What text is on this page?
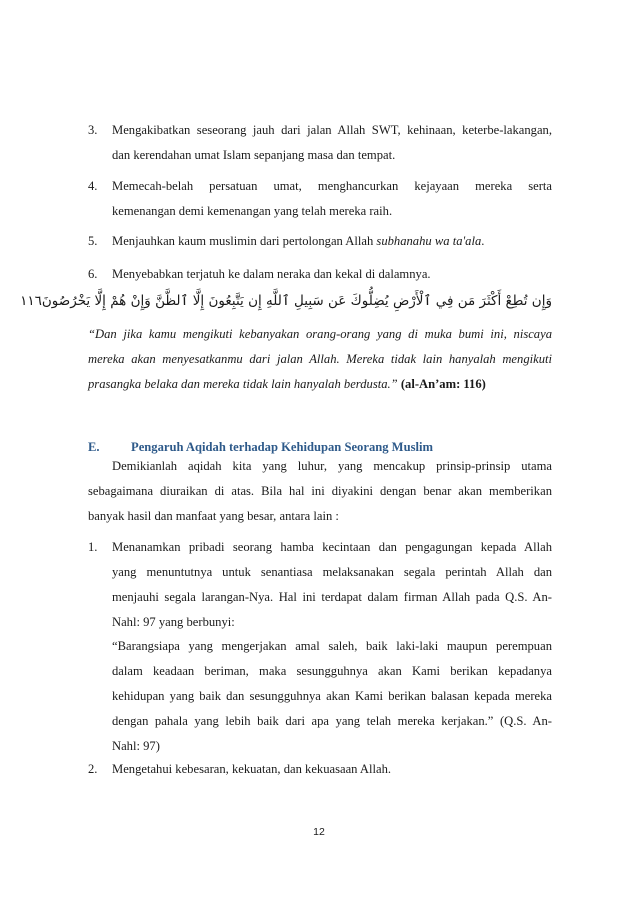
3. Mengakibatkan seseorang jauh dari jalan Allah SWT, kehinaan, keterbe-lakangan,
dan kerendahan umat Islam sepanjang masa dan tempat.
4. Memecah-belah persatuan umat, menghancurkan kejayaan mereka serta
kemenangan demi kemenangan yang telah mereka raih.
5. Menjauhkan kaum muslimin dari pertolongan Allah subhanahu wa ta'ala.
6. Menyebabkan terjatuh ke dalam neraka dan kekal di dalamnya.
وَإِن تُطِعْ أَكْثَرَ مَن فِي ٱلْأَرْضِ يُضِلُّوكَ عَن سَبِيلِ ٱللَّهِ إِن يَتَّبِعُونَ إِلَّا ٱلظَّنَّ وَإِنْ هُمْ إِلَّا يَخْرُصُونَ١١٦
“Dan jika kamu mengikuti kebanyakan orang-orang yang di muka bumi ini, niscaya
mereka akan menyesatkanmu dari jalan Allah. Mereka tidak lain hanyalah mengikuti
prasangka belaka dan mereka tidak lain hanyalah berdusta.” (al-An’am: 116)
E. Pengaruh Aqidah terhadap Kehidupan Seorang Muslim
Demikianlah aqidah kita yang luhur, yang mencakup prinsip-prinsip utama
sebagaimana diuraikan di atas. Bila hal ini diyakini dengan benar akan memberikan
banyak hasil dan manfaat yang besar, antara lain :
1. Menanamkan pribadi seorang hamba kecintaan dan pengagungan kepada Allah
yang menuntutnya untuk senantiasa melaksanakan segala perintah Allah dan
menjauhi segala larangan-Nya. Hal ini terdapat dalam firman Allah pada Q.S. An-
Nahl: 97 yang berbunyi:
“Barangsiapa yang mengerjakan amal saleh, baik laki-laki maupun perempuan
dalam keadaan beriman, maka sesungguhnya akan Kami berikan kepadanya
kehidupan yang baik dan sesungguhnya akan Kami berikan balasan kepada mereka
dengan pahala yang lebih baik dari apa yang telah mereka kerjakan.” (Q.S. An-
Nahl: 97)
2. Mengetahui kebesaran, kekuatan, dan kekuasaan Allah.
12
